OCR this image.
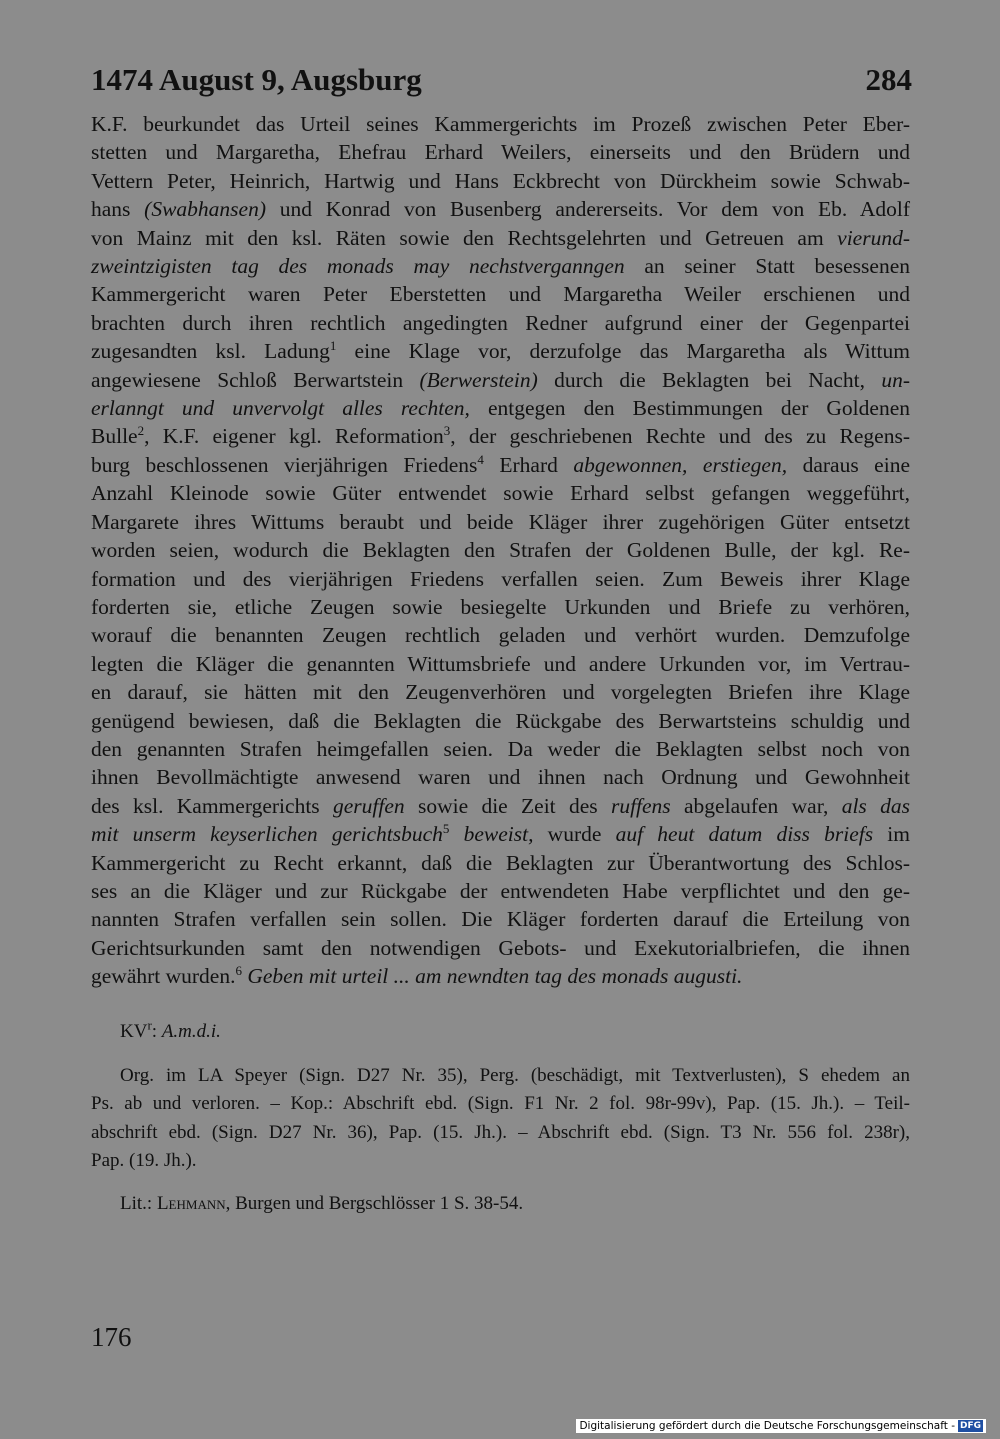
1474 August 9, Augsburg	284
K.F. beurkundet das Urteil seines Kammergerichts im Prozeß zwischen Peter Eber-
stetten und Margaretha, Ehefrau Erhard Weilers, einerseits und den Brüdern und
Vettern Peter, Heinrich, Hartwig und Hans Eckbrecht von Dürckheim sowie Schwab-
hans (Swabhansen) und Konrad von Busenberg andererseits. Vor dem von Eb. Adolf
von Mainz mit den ksl. Räten sowie den Rechtsgelehrten und Getreuen am vierund-
zweintzigisten tag des monads may nechstverganngen an seiner Statt besessenen
Kammergericht waren Peter Eberstetten und Margaretha Weiler erschienen und
brachten durch ihren rechtlich angedingten Redner aufgrund einer der Gegenpartei
zugesandten ksl. Ladung$^1$ eine Klage vor, derzufolge das Margaretha als Wittum
angewiesene Schloß Berwartstein (Berwerstein) durch die Beklagten bei Nacht, un-
erlanngt und unvervolgt alles rechten, entgegen den Bestimmungen der Goldenen
Bulle$^2$, K.F. eigener kgl. Reformation$^3$, der geschriebenen Rechte und des zu Regens-
burg beschlossenen vierjährigen Friedens$^4$ Erhard abgewonnen, erstiegen, daraus eine
Anzahl Kleinode sowie Güter entwendet sowie Erhard selbst gefangen weggeführt,
Margarete ihres Wittums beraubt und beide Kläger ihrer zugehörigen Güter entsetzt
worden seien, wodurch die Beklagten den Strafen der Goldenen Bulle, der kgl. Re-
formation und des vierjährigen Friedens verfallen seien. Zum Beweis ihrer Klage
forderten sie, etliche Zeugen sowie besiegelte Urkunden und Briefe zu verhören,
worauf die benannten Zeugen rechtlich geladen und verhört wurden. Demzufolge
legten die Kläger die genannten Wittumsbriefe und andere Urkunden vor, im Vertrau-
en darauf, sie hätten mit den Zeugenverhören und vorgelegten Briefen ihre Klage
genügend bewiesen, daß die Beklagten die Rückgabe des Berwartsteins schuldig und
den genannten Strafen heimgefallen seien. Da weder die Beklagten selbst noch von
ihnen Bevollmächtigte anwesend waren und ihnen nach Ordnung und Gewohnheit
des ksl. Kammergerichts geruffen sowie die Zeit des ruffens abgelaufen war, als das
mit unserm keyserlichen gerichtsbuch$^5$ beweist, wurde auf heut datum diss briefs im
Kammergericht zu Recht erkannt, daß die Beklagten zur Überantwortung des Schlos-
ses an die Kläger und zur Rückgabe der entwendeten Habe verpflichtet und den ge-
nannten Strafen verfallen sein sollen. Die Kläger forderten darauf die Erteilung von
Gerichtsurkunden samt den notwendigen Gebots- und Exekutorialbriefen, die ihnen
gewährt wurden.$^6$ Geben mit urteil ... am newndten tag des monads augusti.
$KV^r$: A.m.d.i.
Org. im LA Speyer (Sign. D27 Nr. 35), Perg. (beschädigt, mit Textverlusten), S ehedem an
Ps. ab und verloren. – Kop.: Abschrift ebd. (Sign. F1 Nr. 2 fol. 98r-99v), Pap. (15. Jh.). – Teil-
abschrift ebd. (Sign. D27 Nr. 36), Pap. (15. Jh.). – Abschrift ebd. (Sign. T3 Nr. 556 fol. 238r),
Pap. (19. Jh.).
Lit.: Lehmann, Burgen und Bergschlösser 1 S. 38-54.
176
Digitalisierung gefördert durch die Deutsche Forschungsgemeinschaft - DFG
